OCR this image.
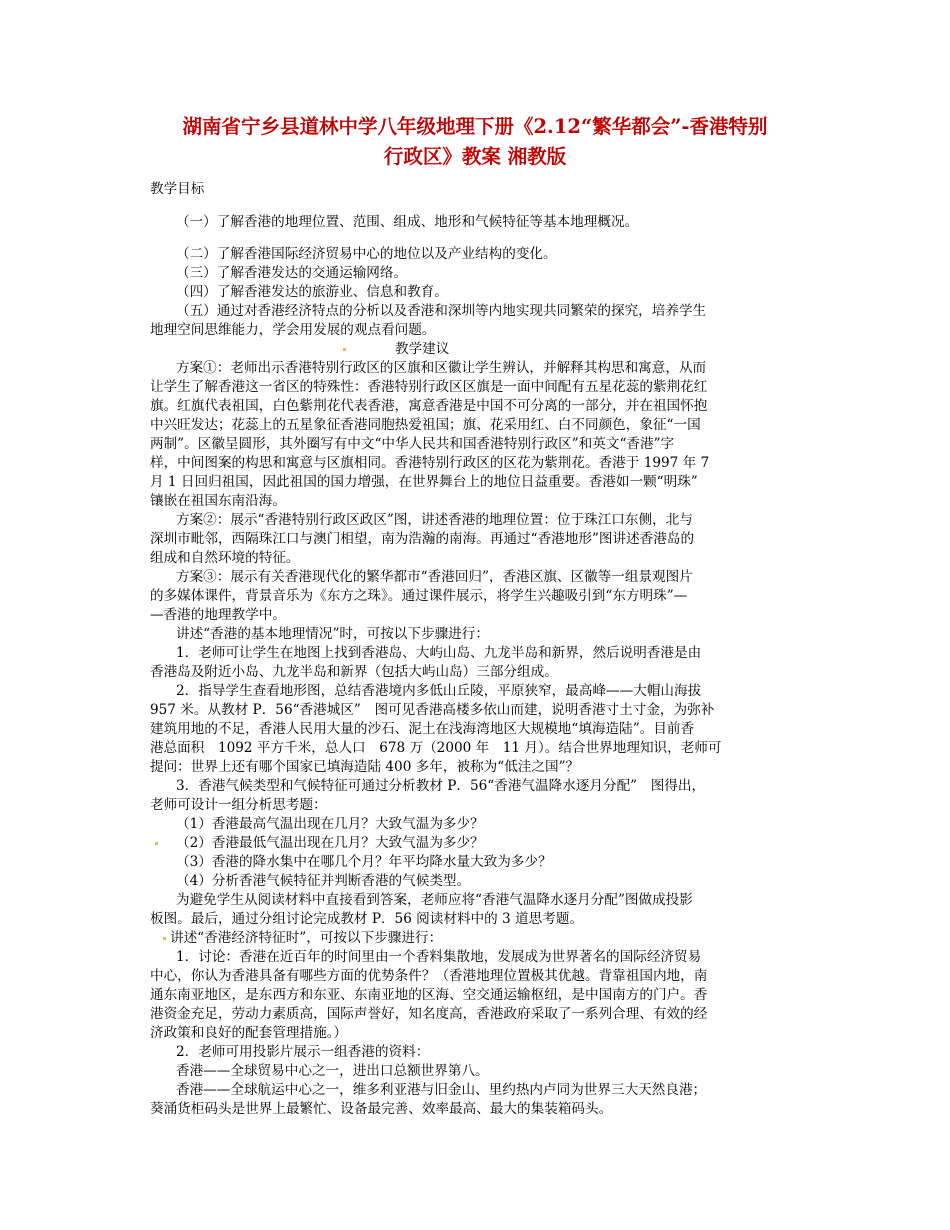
湖南省宁乡县道林中学八年级地理下册《2.12“繁华都会”-香港特别
行政区》教案 湘教版
教学目标
（一）了解香港的地理位置、范围、组成、地形和气候特征等基本地理概况。
（二）了解香港国际经济贸易中心的地位以及产业结构的变化。
（三）了解香港发达的交通运输网络。
（四）了解香港发达的旅游业、信息和教育。
（五）通过对香港经济特点的分析以及香港和深圳等内地实现共同繁荣的探究，培养学生
地理空间思维能力，学会用发展的观点看问题。
教学建议
方案①：老师出示香港特别行政区的区旗和区徽让学生辨认，并解释其构思和寓意，从而
让学生了解香港这一省区的特殊性：香港特别行政区区旗是一面中间配有五星花蕊的紫荆花红
旗。红旗代表祖国，白色紫荆花代表香港，寓意香港是中国不可分离的一部分，并在祖国怀抱
中兴旺发达；花蕊上的五星象征香港同胞热爱祖国；旗、花采用红、白不同颜色，象征“一国
两制”。区徽呈圆形，其外圈写有中文“中华人民共和国香港特别行政区”和英文“香港”字
样，中间图案的构思和寓意与区旗相同。香港特别行政区的区花为紫荆花。香港于 1997 年 7
月 1 日回归祖国，因此祖国的国力增强，在世界舞台上的地位日益重要。香港如一颗“明珠”
镶嵌在祖国东南沿海。
方案②：展示“香港特别行政区政区”图，讲述香港的地理位置：位于珠江口东侧，北与
深圳市毗邻，西隔珠江口与澳门相望，南为浩瀚的南海。再通过“香港地形”图讲述香港岛的
组成和自然环境的特征。
方案③：展示有关香港现代化的繁华都市“香港回归”，香港区旗、区徽等一组景观图片
的多媒体课件，背景音乐为《东方之珠》。通过课件展示，将学生兴趣吸引到“东方明珠”—
—香港的地理教学中。
讲述“香港的基本地理情况”时，可按以下步骤进行：
1．老师可让学生在地图上找到香港岛、大屿山岛、九龙半岛和新界，然后说明香港是由
香港岛及附近小岛、九龙半岛和新界（包括大屿山岛）三部分组成。
2．指导学生查看地形图，总结香港境内多低山丘陵，平原狭窄，最高峰——大帽山海拔
957 米。从教材 P．56“香港城区”　图可见香港高楼多依山而建，说明香港寸土寸金，为弥补
建筑用地的不足，香港人民用大量的沙石、泥土在浅海湾地区大规模地“填海造陆”。目前香
港总面积　1092 平方千米，总人口　678 万（2000 年　11 月）。结合世界地理知识，老师可
提问：世界上还有哪个国家已填海造陆 400 多年，被称为“低洼之国”？
3．香港气候类型和气候特征可通过分析教材 P．56“香港气温降水逐月分配”　图得出，
老师可设计一组分析思考题：
（1）香港最高气温出现在几月？大致气温为多少？
（2）香港最低气温出现在几月？大致气温为多少？
（3）香港的降水集中在哪几个月？年平均降水量大致为多少？
（4）分析香港气候特征并判断香港的气候类型。
为避免学生从阅读材料中直接看到答案，老师应将“香港气温降水逐月分配”图做成投影
板图。最后，通过分组讨论完成教材 P．56 阅读材料中的 3 道思考题。
讲述“香港经济特征时”，可按以下步骤进行：
1．讨论：香港在近百年的时间里由一个香料集散地，发展成为世界著名的国际经济贸易
中心，你认为香港具备有哪些方面的优势条件？（香港地理位置极其优越。背靠祖国内地，南
通东南亚地区，是东西方和东亚、东南亚地的区海、空交通运输枢纽，是中国南方的门户。香
港资金充足，劳动力素质高，国际声誉好，知名度高，香港政府采取了一系列合理、有效的经
济政策和良好的配套管理措施。）
2．老师可用投影片展示一组香港的资料：
香港——全球贸易中心之一，进出口总额世界第八。
香港——全球航运中心之一，维多利亚港与旧金山、里约热内卢同为世界三大天然良港；
葵涌货柜码头是世界上最繁忙、设备最完善、效率最高、最大的集装箱码头。
